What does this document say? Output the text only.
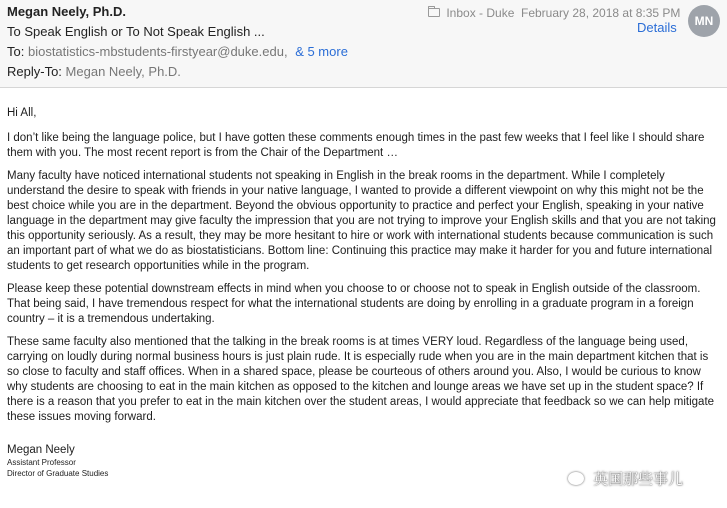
Megan Neely, Ph.D.
To Speak English or To Not Speak English ...
To: biostatistics-mbstudents-firstyear@duke.edu, & 5 more
Reply-To: Megan Neely, Ph.D.
Inbox - Duke February 28, 2018 at 8:35 PM
Details	MN

Hi All,

I don’t like being the language police, but I have gotten these comments enough times in the past few weeks that I feel like I should share them with you. The most recent report is from the Chair of the Department …

Many faculty have noticed international students not speaking in English in the break rooms in the department. While I completely understand the desire to speak with friends in your native language, I wanted to provide a different viewpoint on why this might not be the best choice while you are in the department. Beyond the obvious opportunity to practice and perfect your English, speaking in your native language in the department may give faculty the impression that you are not trying to improve your English skills and that you are not taking this opportunity seriously. As a result, they may be more hesitant to hire or work with international students because communication is such an important part of what we do as biostatisticians. Bottom line: Continuing this practice may make it harder for you and future international students to get research opportunities while in the program.

Please keep these potential downstream effects in mind when you choose to or choose not to speak in English outside of the classroom. That being said, I have tremendous respect for what the international students are doing by enrolling in a graduate program in a foreign country – it is a tremendous undertaking.

These same faculty also mentioned that the talking in the break rooms is at times VERY loud. Regardless of the language being used, carrying on loudly during normal business hours is just plain rude. It is especially rude when you are in the main department kitchen that is so close to faculty and staff offices. When in a shared space, please be courteous of others around you. Also, I would be curious to know why students are choosing to eat in the main kitchen as opposed to the kitchen and lounge areas we have set up in the student space? If there is a reason that you prefer to eat in the main kitchen over the student areas, I would appreciate that feedback so we can help mitigate these issues moving forward.

Megan Neely
Assistant Professor
Director of Graduate Studies	英国那些事儿
